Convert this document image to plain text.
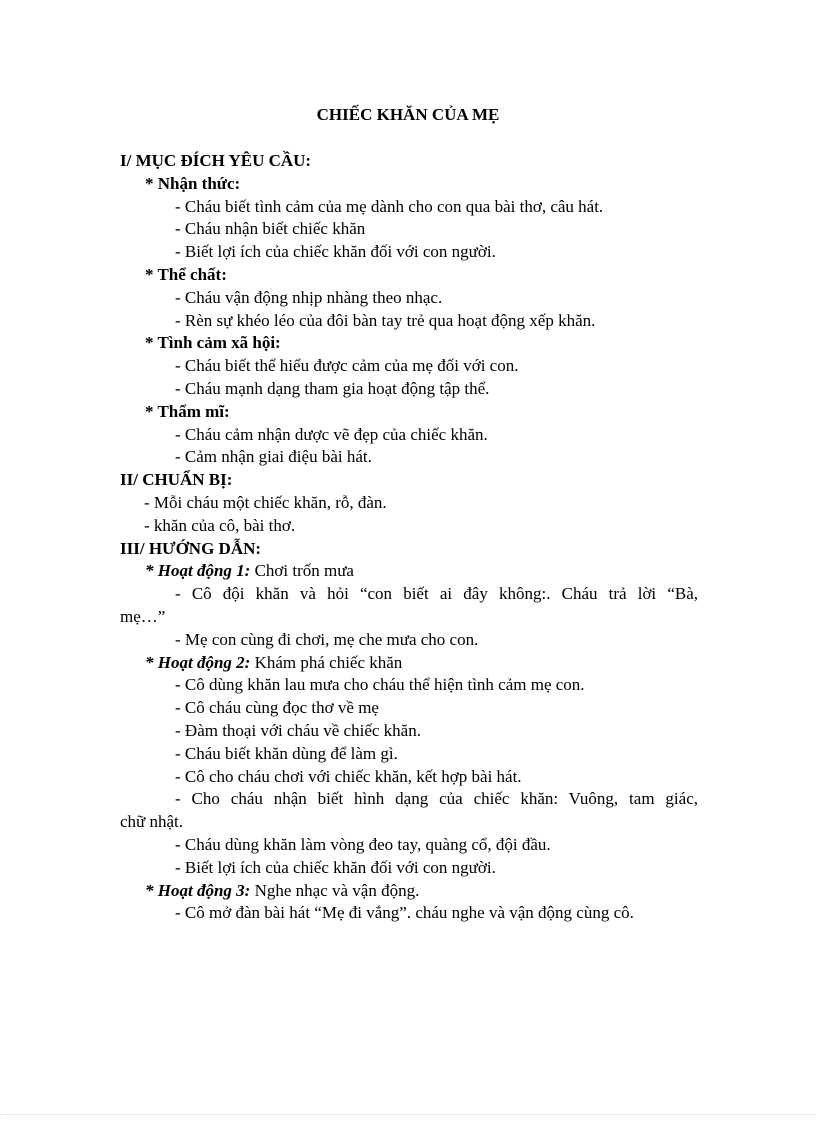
CHIẾC KHĂN CỦA MẸ
I/ MỤC ĐÍCH YÊU CẦU:
* Nhận thức:
- Cháu biết tình cảm của mẹ dành cho con qua bài thơ, câu hát.
- Cháu nhận biết chiếc khăn
- Biết lợi ích của chiếc khăn đối với con người.
* Thể chất:
- Cháu vận động nhịp nhàng theo nhạc.
- Rèn sự khéo léo của đôi bàn tay trẻ qua hoạt động xếp khăn.
* Tình cảm xã hội:
- Cháu biết thể hiểu được cảm của mẹ đối với con.
- Cháu mạnh dạng tham gia hoạt động tập thể.
* Thẩm mĩ:
- Cháu cảm nhận dược vẽ đẹp của chiếc khăn.
- Cảm nhận giai điệu bài hát.
II/ CHUẨN BỊ:
- Mỗi cháu một chiếc khăn, rỗ, đàn.
- khăn của cô, bài thơ.
III/ HƯỚNG DẪN:
* Hoạt động 1: Chơi trốn mưa
- Cô đội khăn và hỏi “con biết ai đây không:. Cháu trả lời “Bà,
mẹ…”
- Mẹ con cùng đi chơi, mẹ che mưa cho con.
* Hoạt động 2: Khám phá chiếc khăn
- Cô dùng khăn lau mưa cho cháu thể hiện tình cảm mẹ con.
- Cô cháu cùng đọc thơ về mẹ
- Đàm thoại với cháu về chiếc khăn.
- Cháu biết khăn dùng để làm gì.
- Cô cho cháu chơi với chiếc khăn, kết hợp bài hát.
- Cho cháu nhận biết hình dạng của chiếc khăn: Vuông, tam giác,
chữ nhật.
- Cháu dùng khăn làm vòng đeo tay, quàng cổ, đội đầu.
- Biết lợi ích của chiếc khăn đối với con người.
* Hoạt động 3: Nghe nhạc và vận động.
- Cô mở đàn bài hát “Mẹ đi vắng”. cháu nghe và vận động cùng cô.
